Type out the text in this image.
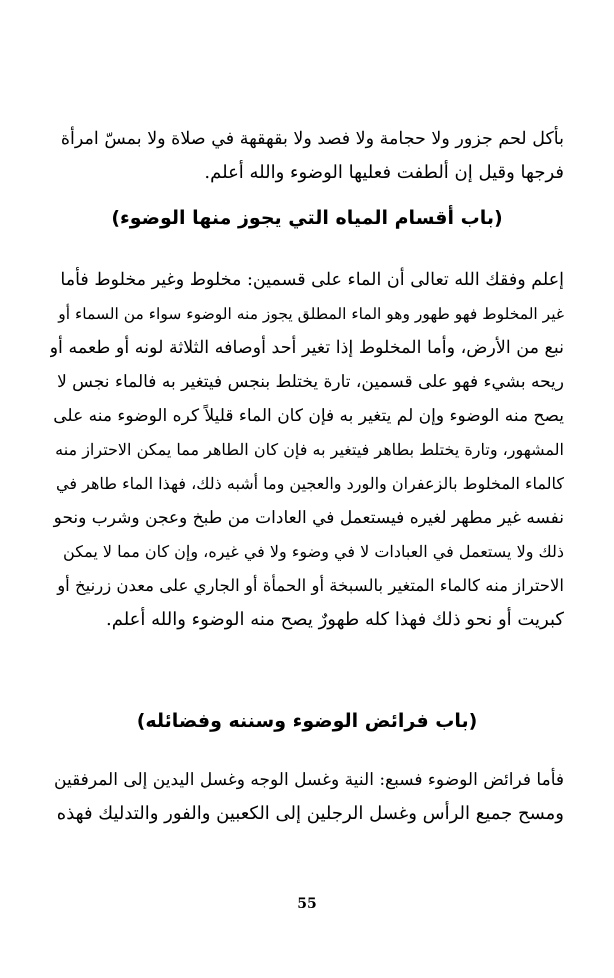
بأكل لحم جزور ولا حجامة ولا فصد ولا بقهقهة في صلاة ولا بمسّ امرأة

فرجها وقيل إن ألطفت فعليها الوضوء والله أعلم.

(باب أقسام المياه التي يجوز منها الوضوء)

إعلم وفقك الله تعالى أن الماء على قسمين: مخلوط وغير مخلوط فأما

غير المخلوط فهو طهور وهو الماء المطلق يجوز منه الوضوء سواء من السماء أو

نبع من الأرض، وأما المخلوط إذا تغير أحد أوصافه الثلاثة لونه أو طعمه أو

ريحه بشيء فهو على قسمين، تارة يختلط بنجس فيتغير به فالماء نجس لا

يصح منه الوضوء وإن لم يتغير به فإن كان الماء قليلاً كره الوضوء منه على

المشهور، وتارة يختلط بطاهر فيتغير به فإن كان الطاهر مما يمكن الاحتراز منه

كالماء المخلوط بالزعفران والورد والعجين وما أشبه ذلك، فهذا الماء طاهر في

نفسه غير مطهر لغيره فيستعمل في العادات من طبخ وعجن وشرب ونحو

ذلك ولا يستعمل في العبادات لا في وضوء ولا في غيره، وإن كان مما لا يمكن

الاحتراز منه كالماء المتغير بالسبخة أو الحمأة أو الجاري على معدن زرنيخ أو

كبريت أو نحو ذلك فهذا كله طهورٌ يصح منه الوضوء والله أعلم.

(باب فرائض الوضوء وسننه وفضائله)

فأما فرائض الوضوء فسبع: النية وغسل الوجه وغسل اليدين إلى المرفقين

ومسح جميع الرأس وغسل الرجلين إلى الكعبين والفور والتدليك فهذه

55
